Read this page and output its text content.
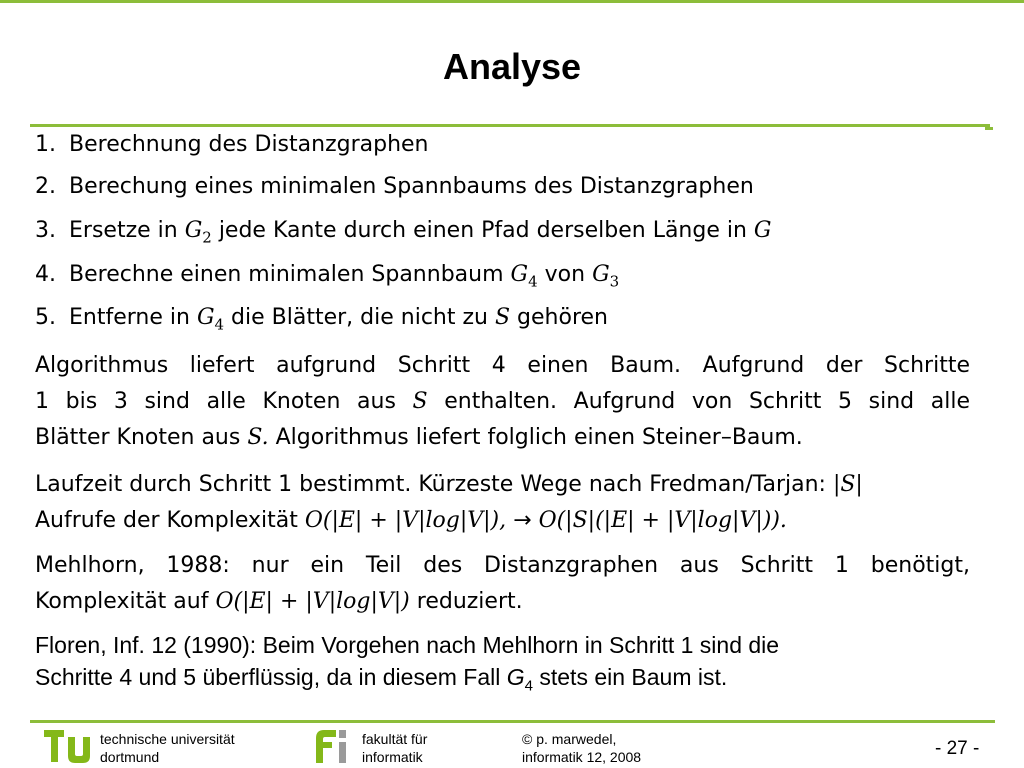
Analyse
1. Berechnung des Distanzgraphen
2. Berechung eines minimalen Spannbaums des Distanzgraphen
3. Ersetze in $G_2$ jede Kante durch einen Pfad derselben Länge in G
4. Berechne einen minimalen Spannbaum $G_4$ von $G_3$
5. Entferne in $G_4$ die Blätter, die nicht zu S gehören
Algorithmus liefert aufgrund Schritt 4 einen Baum. Aufgrund der Schritte
1 bis 3 sind alle Knoten aus S enthalten. Aufgrund von Schritt 5 sind alle
Blätter Knoten aus S. Algorithmus liefert folglich einen Steiner–Baum.
Laufzeit durch Schritt 1 bestimmt. Kürzeste Wege nach Fredman/Tarjan: |S|
Aufrufe der Komplexität O(|E| + |V|log|V|), → O(|S|(|E| + |V|log|V|)).
Mehlhorn, 1988: nur ein Teil des Distanzgraphen aus Schritt 1 benötigt,
Komplexität auf O(|E| + |V|log|V|) reduziert.
Floren, Inf. 12 (1990): Beim Vorgehen nach Mehlhorn in Schritt 1 sind die
Schritte 4 und 5 überflüssig, da in diesem Fall $G_4$ stets ein Baum ist.
technische universität
dortmund
fakultät für
informatik
© p. marwedel,
informatik 12, 2008	- 27 -
